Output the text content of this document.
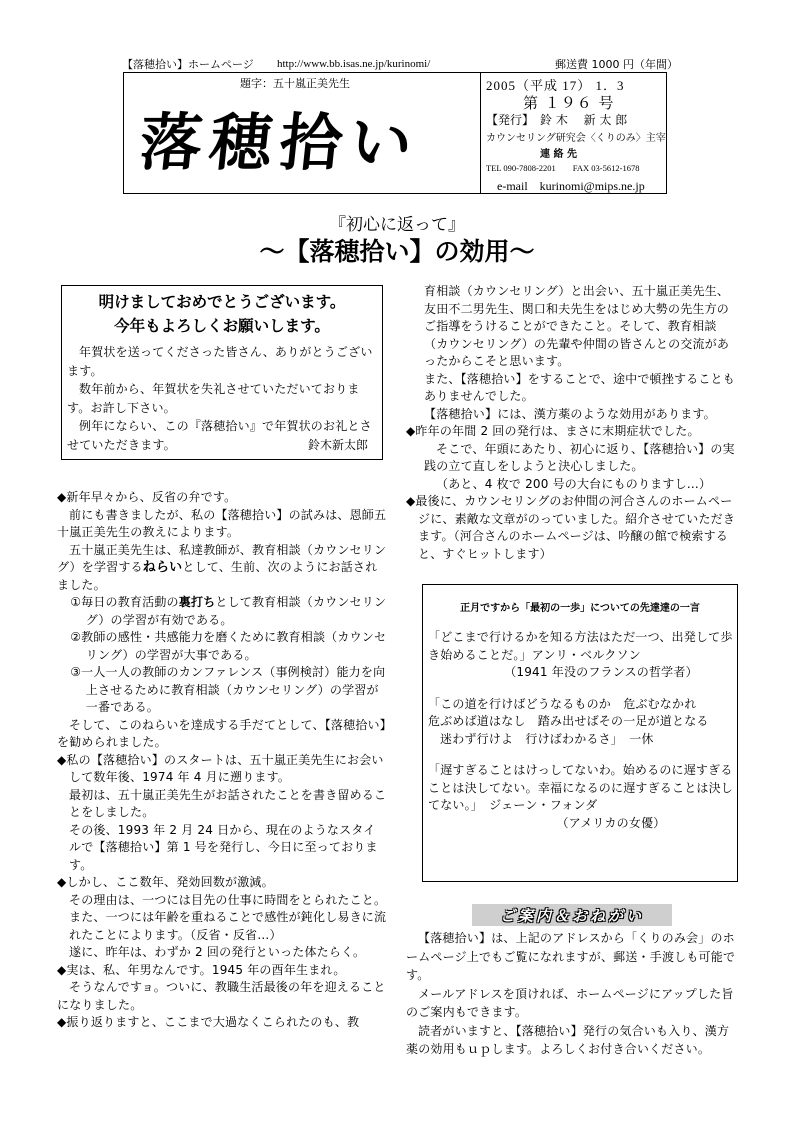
【落穂拾い】ホームページ http://www.bb.isas.ne.jp/kurinomi/	郵送費 1000 円（年間）
題字：五十嵐正美先生
落穂拾い
2005（平成 17） 1．3
第 １９６ 号
【発行】 鈴 木　 新 太 郎
カウンセリング研究会〈くりのみ〉主宰
連 絡 先
TEL 090-7808-2201　　FAX 03-5612-1678
e-mail　kurinomi@mips.ne.jp
『初心に返って』
～【落穂拾い】の効用～
明けましておめでとうございます。
今年もよろしくお願いします。

年賀状を送ってくださった皆さん、ありがとうございます。

数年前から、年賀状を失礼させていただいております。お許し下さい。

例年にならい、この『落穂拾い』で年賀状のお礼とさせていただきます。	鈴木新太郎

◆新年早々から、反省の弁です。

前にも書きましたが、私の【落穂拾い】の試みは、恩師五十嵐正美先生の教えによります。

五十嵐正美先生は、私達教師が、教育相談（カウンセリング）を学習するねらいとして、生前、次のようにお話されました。

①毎日の教育活動の裏打ちとして教育相談（カウンセリング）の学習が有効である。

②教師の感性・共感能力を磨くために教育相談（カウンセリング）の学習が大事である。

③一人一人の教師のカンファレンス（事例検討）能力を向上させるために教育相談（カウンセリング）の学習が一番である。

そして、このねらいを達成する手だてとして、【落穂拾い】を勧められました。

◆私の【落穂拾い】のスタートは、五十嵐正美先生にお会いして数年後、1974 年 4 月に遡ります。

最初は、五十嵐正美先生がお話されたことを書き留めることをしました。

その後、1993 年 2 月 24 日から、現在のようなスタイルで【落穂拾い】第 1 号を発行し、今日に至っております。

◆しかし、ここ数年、発効回数が激減。

その理由は、一つには目先の仕事に時間をとられたこと。また、一つには年齢を重ねることで感性が鈍化し易きに流れたことによります。（反省・反省…）

遂に、昨年は、わずか 2 回の発行といった体たらく。

◆実は、私、年男なんです。1945 年の酉年生まれ。

そうなんですョ。ついに、教職生活最後の年を迎えることになりました。

◆振り返りますと、ここまで大過なくこられたのも、教

育相談（カウンセリング）と出会い、五十嵐正美先生、友田不二男先生、関口和夫先生をはじめ大勢の先生方のご指導をうけることができたこと。そして、教育相談（カウンセリング）の先輩や仲間の皆さんとの交流があったからこそと思います。

また、【落穂拾い】をすることで、途中で頓挫することもありませんでした。

【落穂拾い】には、漢方薬のような効用があります。

◆昨年の年間 2 回の発行は、まさに末期症状でした。

そこで、年頭にあたり、初心に返り、【落穂拾い】の実践の立て直しをしようと決心しました。

（あと、4 枚で 200 号の大台にものりますし…）

◆最後に、カウンセリングのお仲間の河合さんのホームページに、素敵な文章がのっていました。紹介させていただきます。（河合さんのホームページは、吟醸の館で検索すると、すぐヒットします）

正月ですから「最初の一歩」についての先達達の一言

「どこまで行けるかを知る方法はただ一つ、出発して歩き始めることだ。」アンリ・ベルクソン

（1941 年没のフランスの哲学者）

「この道を行けばどうなるものか　危ぶむなかれ

危ぶめば道はなし　踏み出せばその一足が道となる

迷わず行けよ　行けばわかるさ」　一休

「遅すぎることはけっしてないわ。始めるのに遅すぎることは決してない。幸福になるのに遅すぎることは決してない。」　ジェーン・フォンダ

（アメリカの女優）

ご案内＆おねがい

【落穂拾い】は、上記のアドレスから「くりのみ会」のホームページ上でもご覧になれますが、郵送・手渡しも可能です。

メールアドレスを頂ければ、ホームページにアップした旨のご案内もできます。

読者がいますと、【落穂拾い】発行の気合いも入り、漢方薬の効用もｕｐします。よろしくお付き合いください。
